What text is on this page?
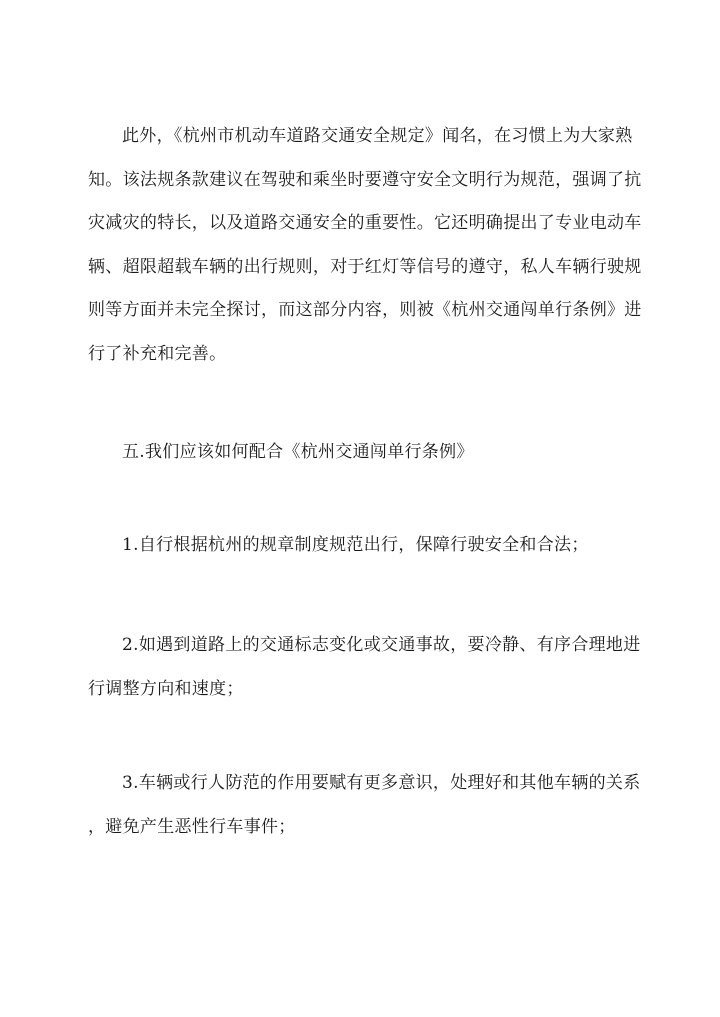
此外，《杭州市机动车道路交通安全规定》闻名，在习惯上为大家熟
知。该法规条款建议在驾驶和乘坐时要遵守安全文明行为规范，强调了抗
灾减灾的特长，以及道路交通安全的重要性。它还明确提出了专业电动车
辆、超限超载车辆的出行规则，对于红灯等信号的遵守，私人车辆行驶规
则等方面并未完全探讨，而这部分内容，则被《杭州交通闯单行条例》进
行了补充和完善。
五.我们应该如何配合《杭州交通闯单行条例》
1.自行根据杭州的规章制度规范出行，保障行驶安全和合法；
2.如遇到道路上的交通标志变化或交通事故，要冷静、有序合理地进
行调整方向和速度；
3.车辆或行人防范的作用要赋有更多意识，处理好和其他车辆的关系
，避免产生恶性行车事件；
